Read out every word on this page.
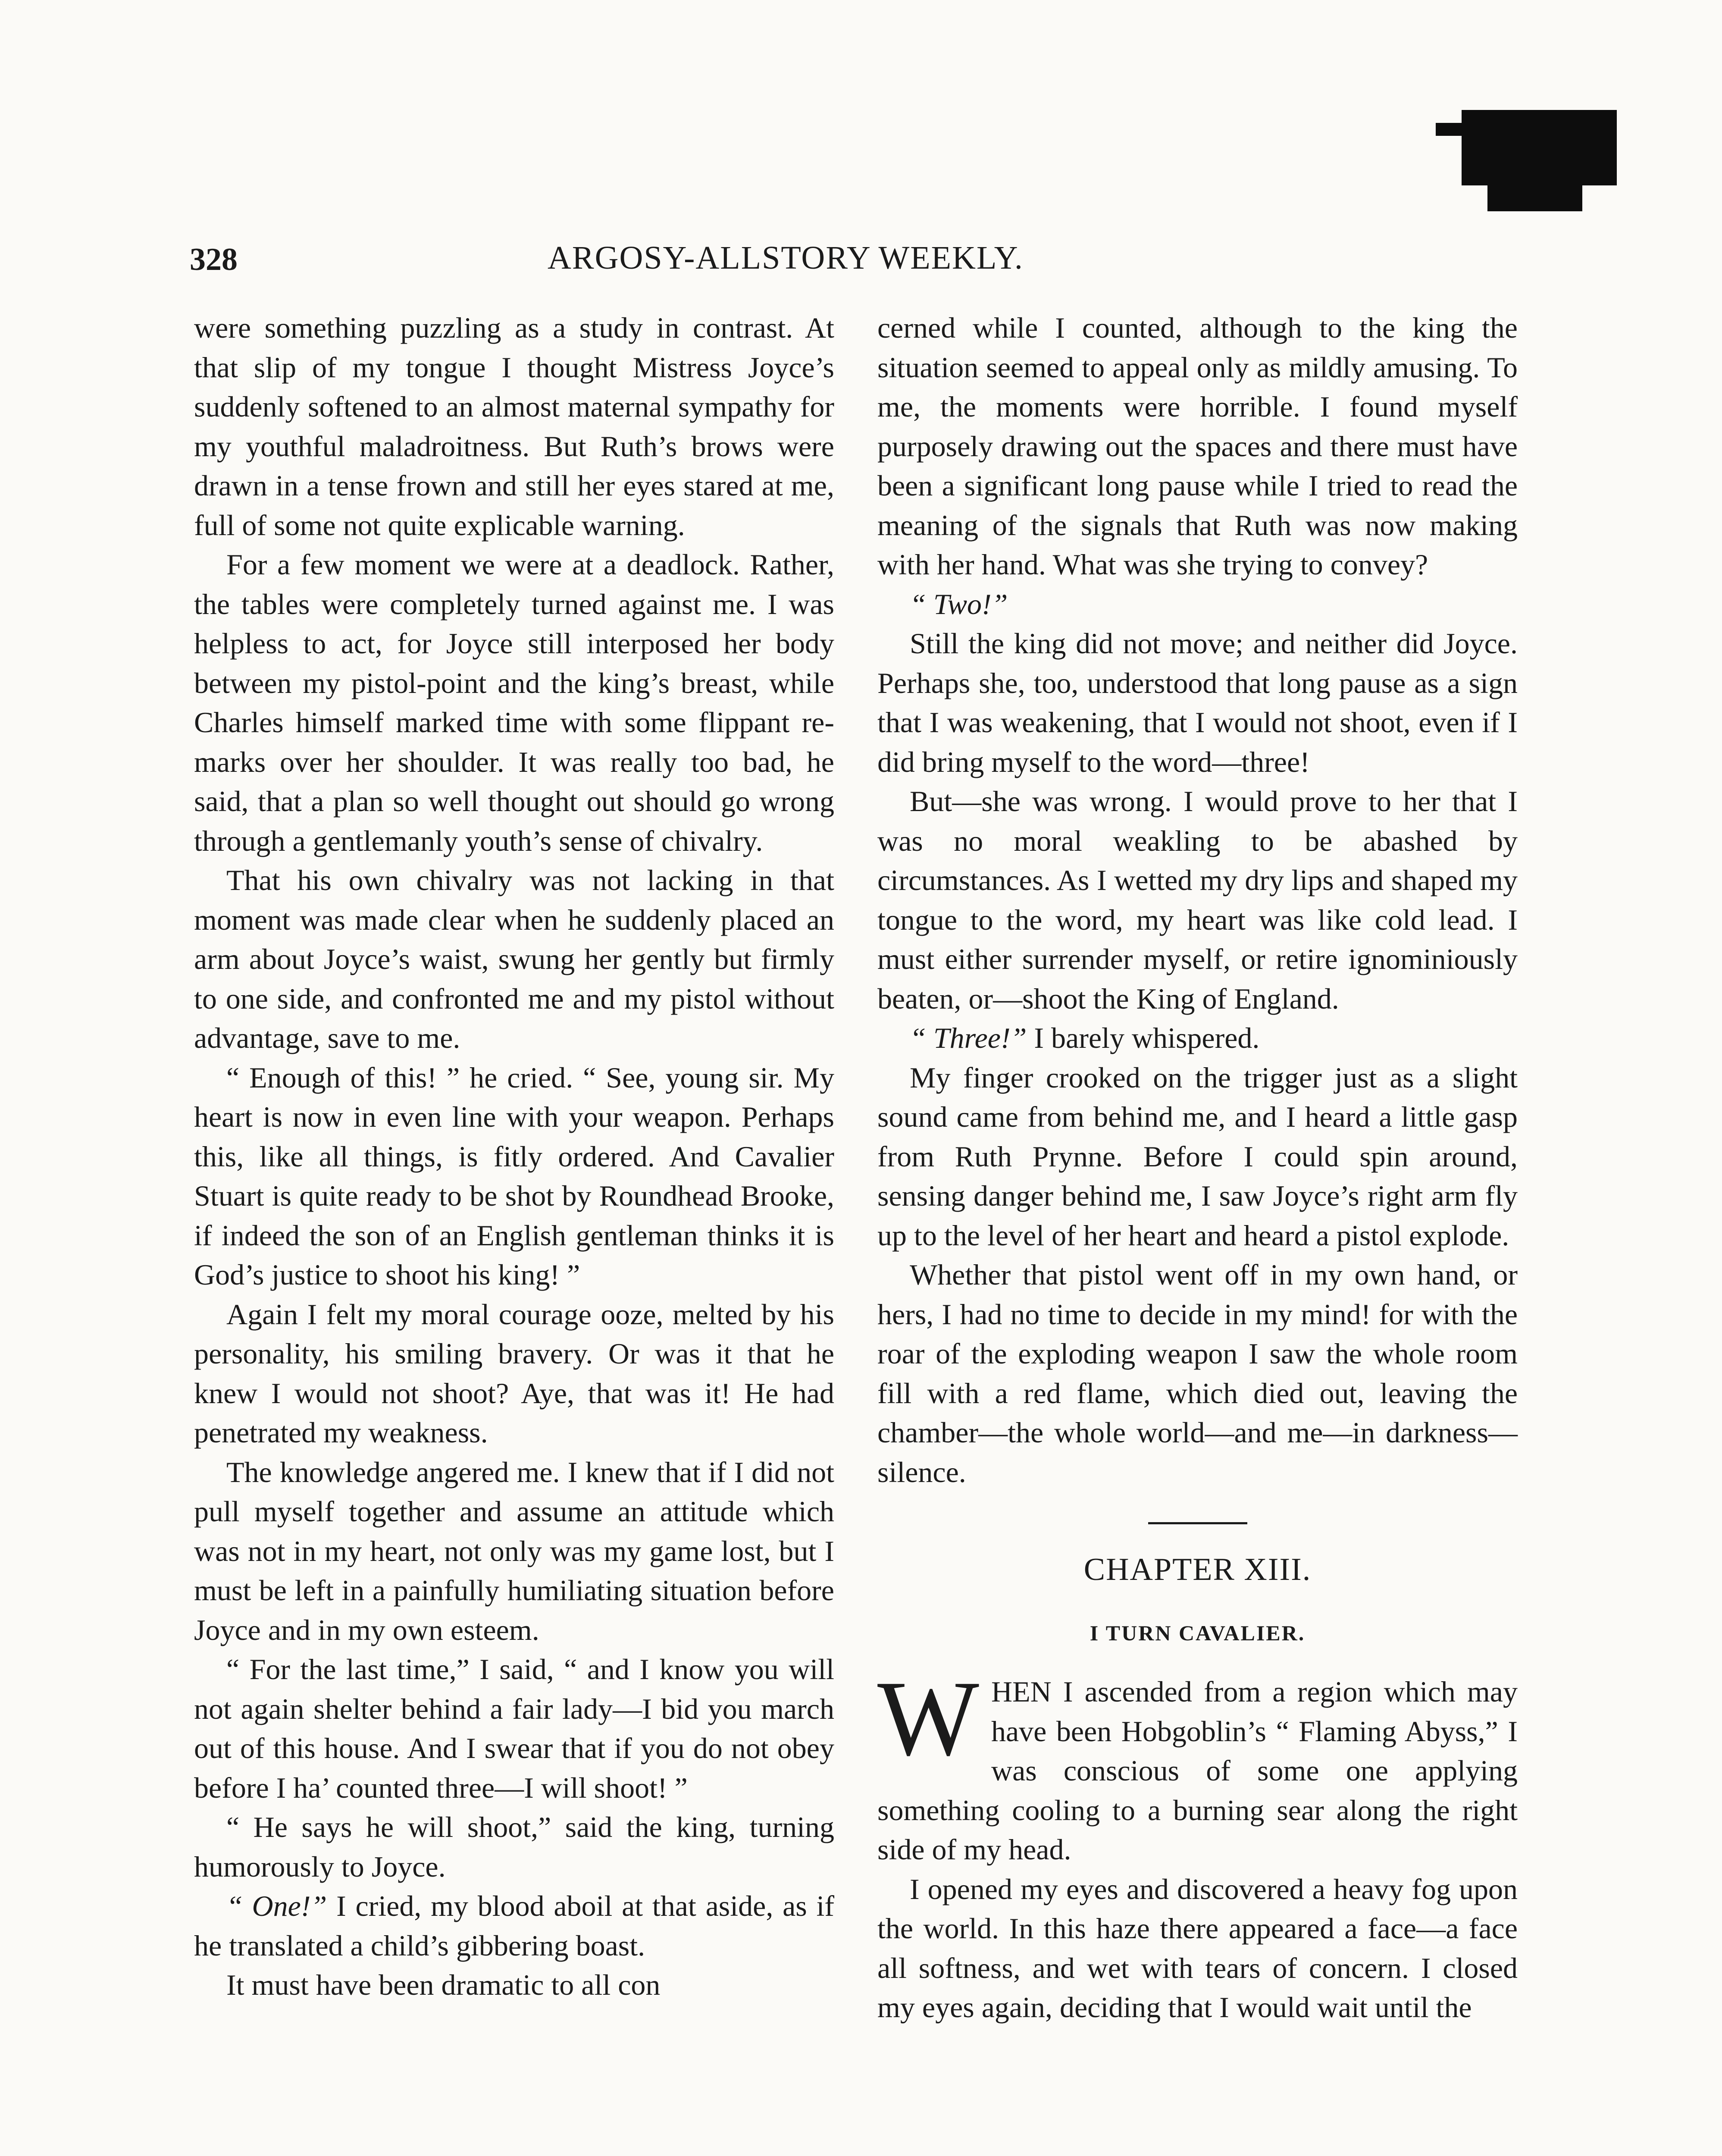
328	ARGOSY-ALLSTORY WEEKLY.

were something puzzling as a study in contrast. At that slip of my tongue I thought Mistress Joyce’s suddenly softened to an almost maternal sympathy for my youthful maladroitness. But Ruth’s brows were drawn in a tense frown and still her eyes stared at me, full of some not quite explicable warning.

For a few moment we were at a deadlock. Rather, the tables were completely turned against me. I was helpless to act, for Joyce still interposed her body between my pistol-point and the king’s breast, while Charles himself marked time with some flippant remarks over her shoulder. It was really too bad, he said, that a plan so well thought out should go wrong through a gentlemanly youth’s sense of chivalry.

That his own chivalry was not lacking in that moment was made clear when he suddenly placed an arm about Joyce’s waist, swung her gently but firmly to one side, and confronted me and my pistol without advantage, save to me.

“ Enough of this! ” he cried. “ See, young sir. My heart is now in even line with your weapon. Perhaps this, like all things, is fitly ordered. And Cavalier Stuart is quite ready to be shot by Roundhead Brooke, if indeed the son of an English gentleman thinks it is God’s justice to shoot his king! ”

Again I felt my moral courage ooze, melted by his personality, his smiling bravery. Or was it that he knew I would not shoot? Aye, that was it! He had penetrated my weakness.

The knowledge angered me. I knew that if I did not pull myself together and assume an attitude which was not in my heart, not only was my game lost, but I must be left in a painfully humiliating situation before Joyce and in my own esteem.

“ For the last time,” I said, “ and I know you will not again shelter behind a fair lady—I bid you march out of this house. And I swear that if you do not obey before I ha’ counted three—I will shoot! ”

“ He says he will shoot,” said the king, turning humorously to Joyce.

“ One!” I cried, my blood aboil at that aside, as if he translated a child’s gibbering boast.

It must have been dramatic to all con

cerned while I counted, although to the king the situation seemed to appeal only as mildly amusing. To me, the moments were horrible. I found myself purposely drawing out the spaces and there must have been a significant long pause while I tried to read the meaning of the signals that Ruth was now making with her hand. What was she trying to convey?

“ Two!”

Still the king did not move; and neither did Joyce. Perhaps she, too, understood that long pause as a sign that I was weakening, that I would not shoot, even if I did bring myself to the word—three!

But—she was wrong. I would prove to her that I was no moral weakling to be abashed by circumstances. As I wetted my dry lips and shaped my tongue to the word, my heart was like cold lead. I must either surrender myself, or retire ignominiously beaten, or—shoot the King of England.

“ Three!” I barely whispered.

My finger crooked on the trigger just as a slight sound came from behind me, and I heard a little gasp from Ruth Prynne. Before I could spin around, sensing danger behind me, I saw Joyce’s right arm fly up to the level of her heart and heard a pistol explode.

Whether that pistol went off in my own hand, or hers, I had no time to decide in my mind! for with the roar of the exploding weapon I saw the whole room fill with a red flame, which died out, leaving the chamber—the whole world—and me—in darkness—silence.

CHAPTER XIII.
I TURN CAVALIER.

WHEN I ascended from a region which may have been Hobgoblin’s “ Flaming Abyss,” I was conscious of some one applying something cooling to a burning sear along the right side of my head.

I opened my eyes and discovered a heavy fog upon the world. In this haze there appeared a face—a face all softness, and wet with tears of concern. I closed my eyes again, deciding that I would wait until the
